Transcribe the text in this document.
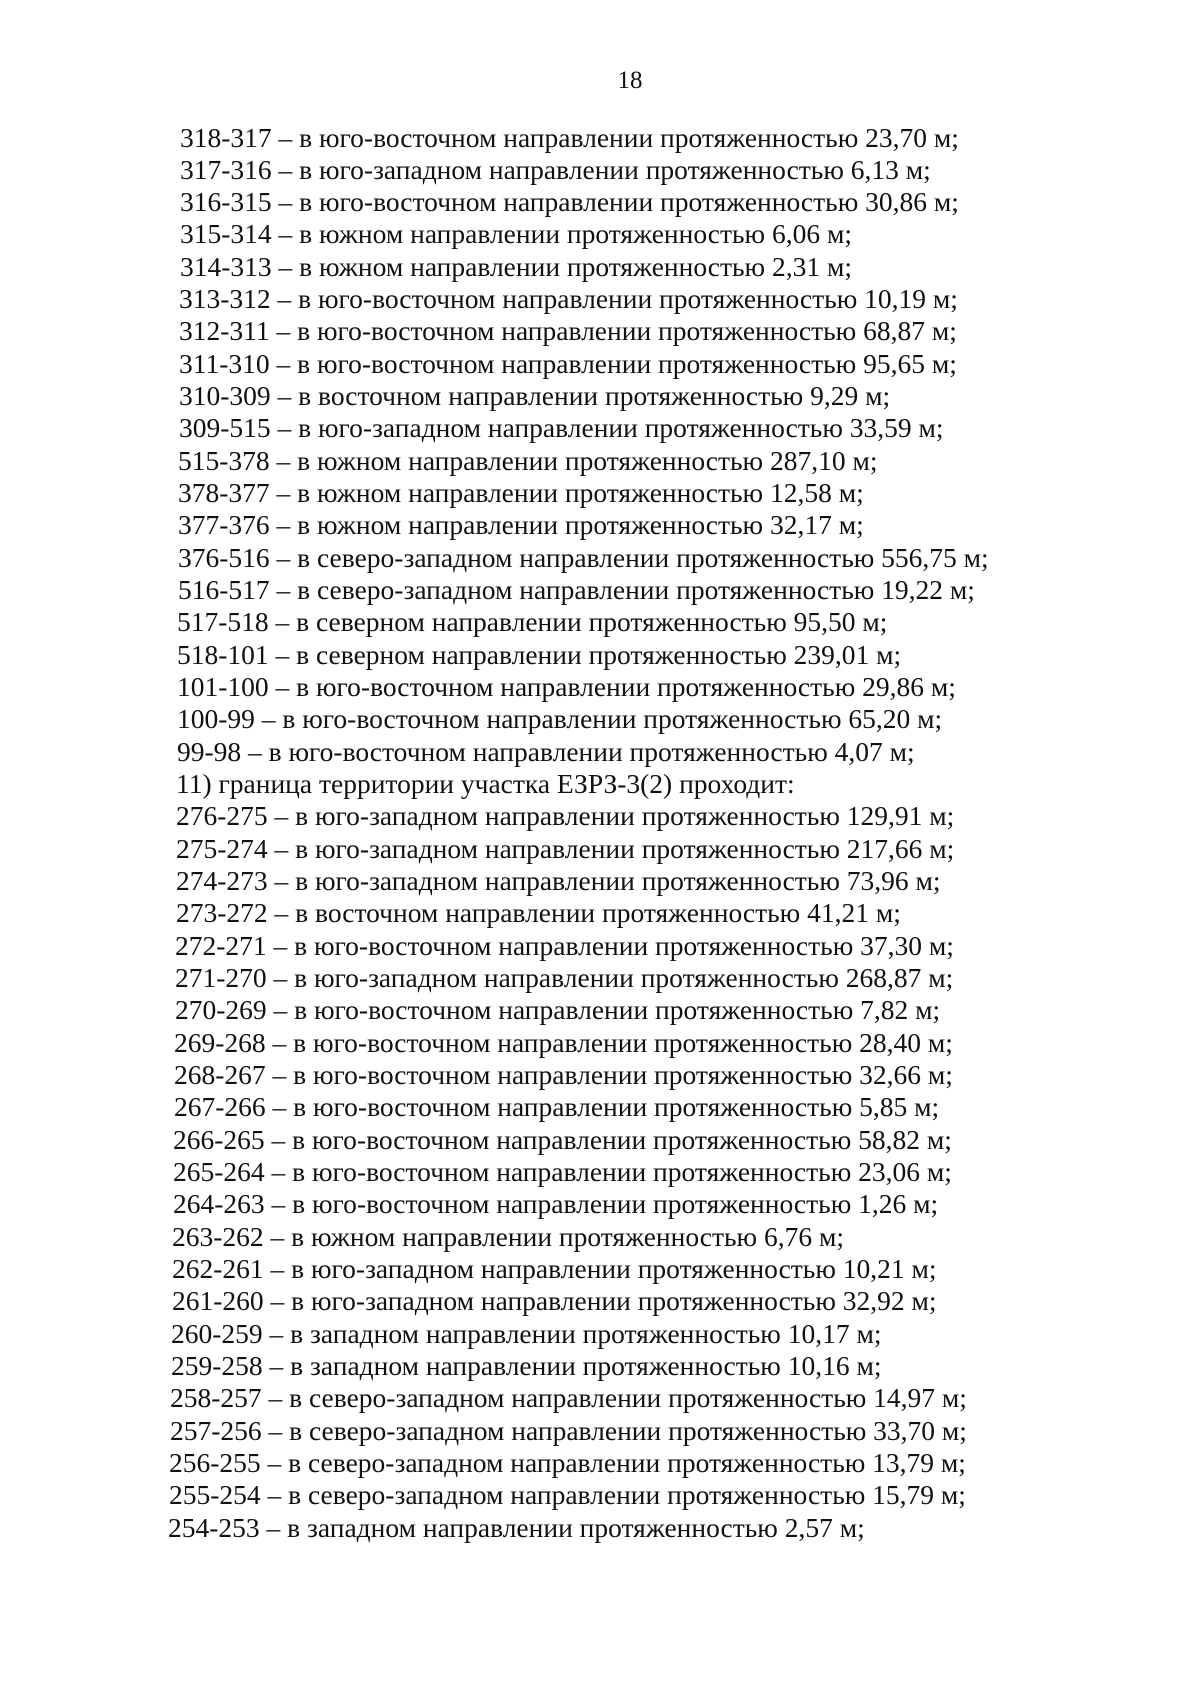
18
318-317 – в юго-восточном направлении протяженностью 23,70 м;
317-316 – в юго-западном направлении протяженностью 6,13 м;
316-315 – в юго-восточном направлении протяженностью 30,86 м;
315-314 – в южном направлении протяженностью 6,06 м;
314-313 – в южном направлении протяженностью 2,31 м;
313-312 – в юго-восточном направлении протяженностью 10,19 м;
312-311 – в юго-восточном направлении протяженностью 68,87 м;
311-310 – в юго-восточном направлении протяженностью 95,65 м;
310-309 – в восточном направлении протяженностью 9,29 м;
309-515 – в юго-западном направлении протяженностью 33,59 м;
515-378 – в южном направлении протяженностью 287,10 м;
378-377 – в южном направлении протяженностью 12,58 м;
377-376 – в южном направлении протяженностью 32,17 м;
376-516 – в северо-западном направлении протяженностью 556,75 м;
516-517 – в северо-западном направлении протяженностью 19,22 м;
517-518 – в северном направлении протяженностью 95,50 м;
518-101 – в северном направлении протяженностью 239,01 м;
101-100 – в юго-восточном направлении протяженностью 29,86 м;
100-99 – в юго-восточном направлении протяженностью 65,20 м;
99-98 – в юго-восточном направлении протяженностью 4,07 м;
11) граница территории участка ЕЗРЗ-3(2) проходит:
276-275 – в юго-западном направлении протяженностью 129,91 м;
275-274 – в юго-западном направлении протяженностью 217,66 м;
274-273 – в юго-западном направлении протяженностью 73,96 м;
273-272 – в восточном направлении протяженностью 41,21 м;
272-271 – в юго-восточном направлении протяженностью 37,30 м;
271-270 – в юго-западном направлении протяженностью 268,87 м;
270-269 – в юго-восточном направлении протяженностью 7,82 м;
269-268 – в юго-восточном направлении протяженностью 28,40 м;
268-267 – в юго-восточном направлении протяженностью 32,66 м;
267-266 – в юго-восточном направлении протяженностью 5,85 м;
266-265 – в юго-восточном направлении протяженностью 58,82 м;
265-264 – в юго-восточном направлении протяженностью 23,06 м;
264-263 – в юго-восточном направлении протяженностью 1,26 м;
263-262 – в южном направлении протяженностью 6,76 м;
262-261 – в юго-западном направлении протяженностью 10,21 м;
261-260 – в юго-западном направлении протяженностью 32,92 м;
260-259 – в западном направлении протяженностью 10,17 м;
259-258 – в западном направлении протяженностью 10,16 м;
258-257 – в северо-западном направлении протяженностью 14,97 м;
257-256 – в северо-западном направлении протяженностью 33,70 м;
256-255 – в северо-западном направлении протяженностью 13,79 м;
255-254 – в северо-западном направлении протяженностью 15,79 м;
254-253 – в западном направлении протяженностью 2,57 м;
